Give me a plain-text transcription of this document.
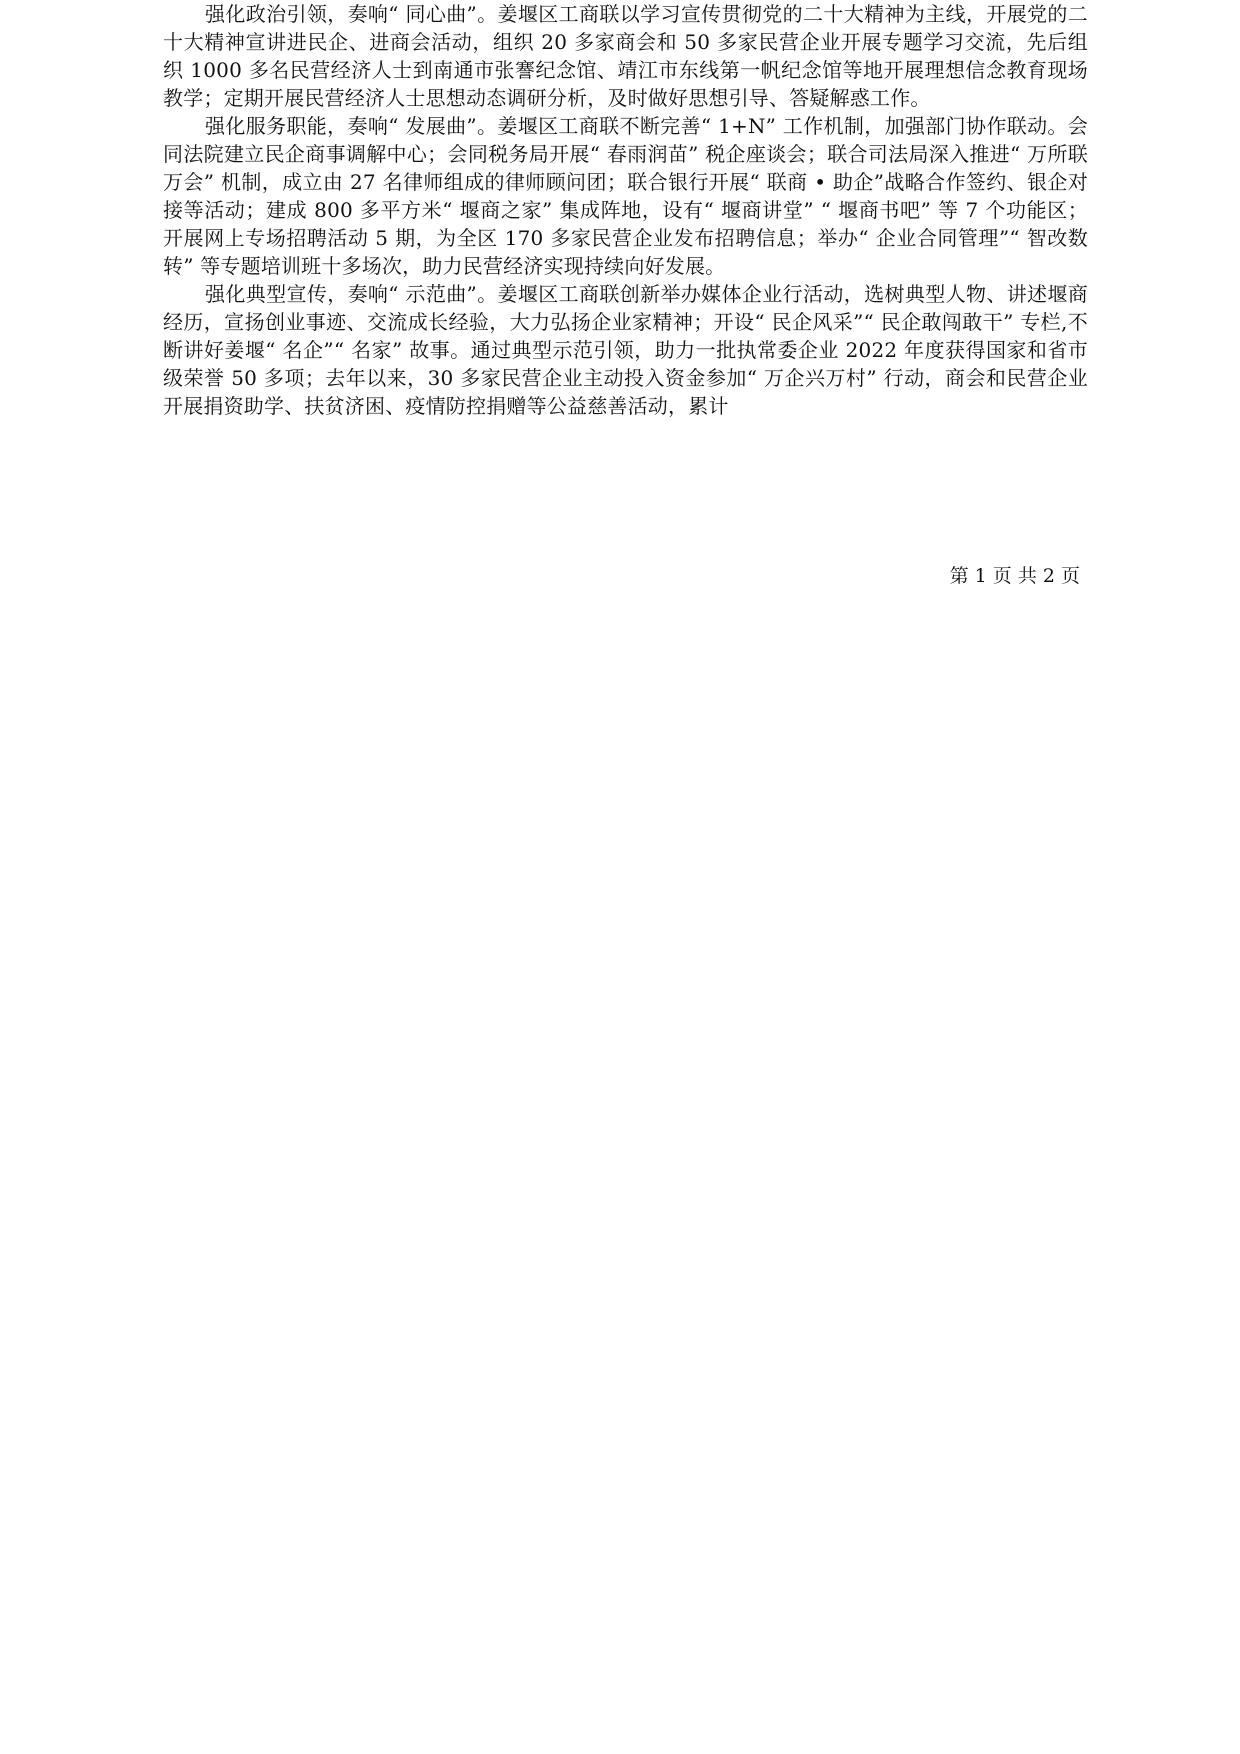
强化政治引领，奏响“ 同心曲”。姜堰区工商联以学习宣传贯彻党的二十大精神为主线，开展党的二十大精神宣讲进民企、进商会活动，组织 20 多家商会和 50 多家民营企业开展专题学习交流，先后组织 1000 多名民营经济人士到南通市张謇纪念馆、靖江市东线第一帆纪念馆等地开展理想信念教育现场教学；定期开展民营经济人士思想动态调研分析，及时做好思想引导、答疑解惑工作。

强化服务职能，奏响“ 发展曲”。姜堰区工商联不断完善“ 1+N” 工作机制，加强部门协作联动。会同法院建立民企商事调解中心；会同税务局开展“ 春雨润苗” 税企座谈会；联合司法局深入推进“ 万所联万会” 机制，成立由 27 名律师组成的律师顾问团；联合银行开展“ 联商 • 助企”战略合作签约、银企对接等活动；建成 800 多平方米“ 堰商之家” 集成阵地，设有“ 堰商讲堂” “ 堰商书吧” 等 7 个功能区；开展网上专场招聘活动 5 期，为全区 170 多家民营企业发布招聘信息；举办“ 企业合同管理”“ 智改数转” 等专题培训班十多场次，助力民营经济实现持续向好发展。

强化典型宣传，奏响“ 示范曲”。姜堰区工商联创新举办媒体企业行活动，选树典型人物、讲述堰商经历，宣扬创业事迹、交流成长经验，大力弘扬企业家精神；开设“ 民企风采”“ 民企敢闯敢干” 专栏,不断讲好姜堰“ 名企”“ 名家” 故事。通过典型示范引领，助力一批执常委企业 2022 年度获得国家和省市级荣誉 50 多项；去年以来，30 多家民营企业主动投入资金参加“ 万企兴万村” 行动，商会和民营企业开展捐资助学、扶贫济困、疫情防控捐赠等公益慈善活动，累计

第 1 页 共 2 页
